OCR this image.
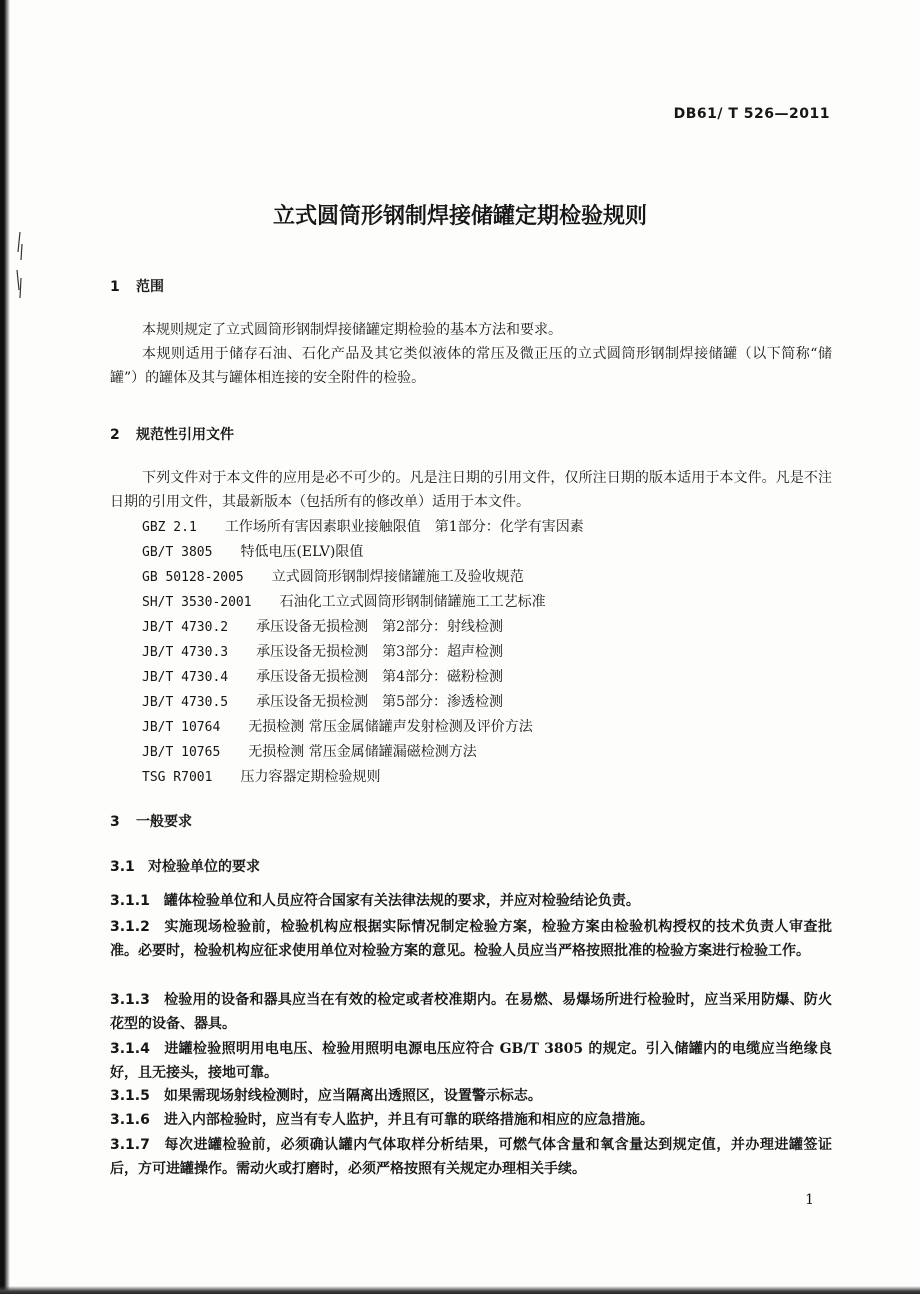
DB61/ T 526—2011
立式圆筒形钢制焊接储罐定期检验规则
1 范围
本规则规定了立式圆筒形钢制焊接储罐定期检验的基本方法和要求。
本规则适用于储存石油、石化产品及其它类似液体的常压及微正压的立式圆筒形钢制焊接储罐（以下简称“储罐”）的罐体及其与罐体相连接的安全附件的检验。
2 规范性引用文件
下列文件对于本文件的应用是必不可少的。凡是注日期的引用文件，仅所注日期的版本适用于本文件。凡是不注日期的引用文件，其最新版本（包括所有的修改单）适用于本文件。
GBZ 2.1　　 工作场所有害因素职业接触限值　第1部分：化学有害因素
GB/T 3805　　 特低电压(ELV)限值
GB 50128-2005　　 立式圆筒形钢制焊接储罐施工及验收规范
SH/T 3530-2001　　 石油化工立式圆筒形钢制储罐施工工艺标准
JB/T 4730.2　　 承压设备无损检测　第2部分：射线检测
JB/T 4730.3　　 承压设备无损检测　第3部分：超声检测
JB/T 4730.4　　 承压设备无损检测　第4部分：磁粉检测
JB/T 4730.5　　 承压设备无损检测　第5部分：渗透检测
JB/T 10764　　 无损检测 常压金属储罐声发射检测及评价方法
JB/T 10765　　 无损检测 常压金属储罐漏磁检测方法
TSG R7001　　 压力容器定期检验规则
3 一般要求
3.1 对检验单位的要求
3.1.1 罐体检验单位和人员应符合国家有关法律法规的要求，并应对检验结论负责。
3.1.2 实施现场检验前，检验机构应根据实际情况制定检验方案，检验方案由检验机构授权的技术负责人审查批准。必要时，检验机构应征求使用单位对检验方案的意见。检验人员应当严格按照批准的检验方案进行检验工作。
3.1.3 检验用的设备和器具应当在有效的检定或者校准期内。在易燃、易爆场所进行检验时，应当采用防爆、防火花型的设备、器具。
3.1.4 进罐检验照明用电电压、检验用照明电源电压应符合 GB/T 3805 的规定。引入储罐内的电缆应当绝缘良好，且无接头，接地可靠。
3.1.5 如果需现场射线检测时，应当隔离出透照区，设置警示标志。
3.1.6 进入内部检验时，应当有专人监护，并且有可靠的联络措施和相应的应急措施。
3.1.7 每次进罐检验前，必须确认罐内气体取样分析结果，可燃气体含量和氧含量达到规定值，并办理进罐签证后，方可进罐操作。需动火或打磨时，必须严格按照有关规定办理相关手续。
1
